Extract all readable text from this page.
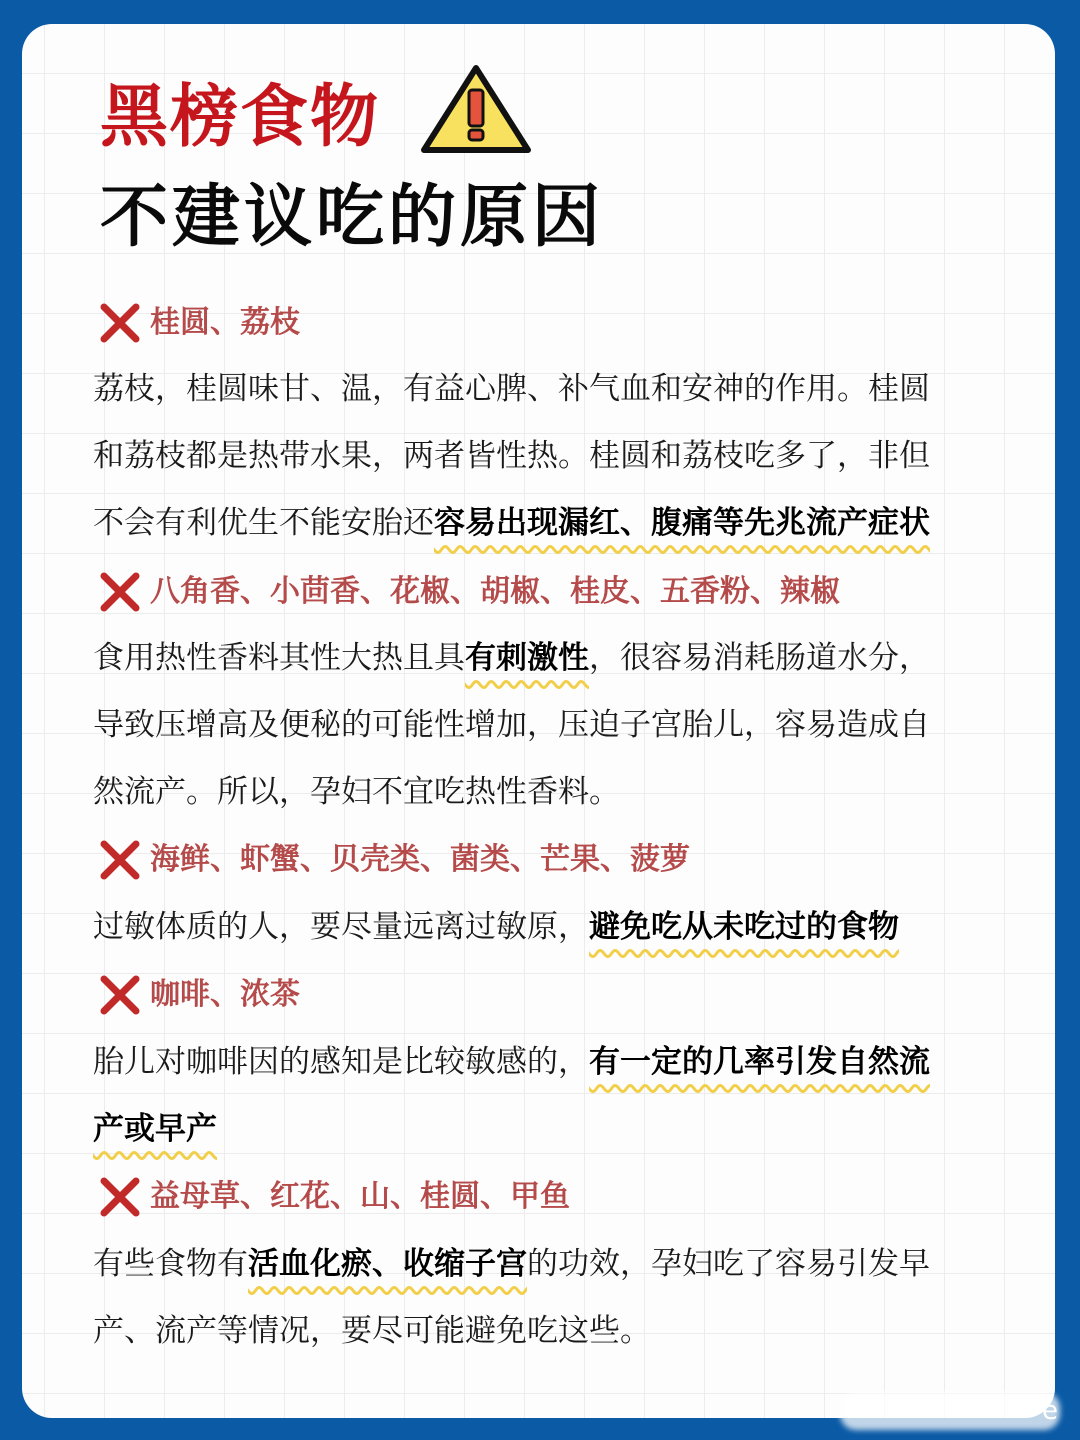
黑榜食物
不建议吃的原因
桂圆、荔枝
荔枝，桂圆味甘、温，有益心脾、补气血和安神的作用。桂圆
和荔枝都是热带水果，两者皆性热。桂圆和荔枝吃多了，非但
不会有利优生不能安胎还容易出现漏红、腹痛等先兆流产症状
八角香、小茴香、花椒、胡椒、桂皮、五香粉、辣椒
食用热性香料其性大热且具有刺激性，很容易消耗肠道水分，
导致压增高及便秘的可能性增加，压迫子宫胎儿，容易造成自
然流产。所以，孕妇不宜吃热性香料。
海鲜、虾蟹、贝壳类、菌类、芒果、菠萝
过敏体质的人，要尽量远离过敏原，避免吃从未吃过的食物
咖啡、浓茶
胎儿对咖啡因的感知是比较敏感的，有一定的几率引发自然流
产或早产
益母草、红花、山、桂圆、甲鱼
有些食物有活血化瘀、收缩子宫的功效，孕妇吃了容易引发早
产、流产等情况，要尽可能避免吃这些。
e
